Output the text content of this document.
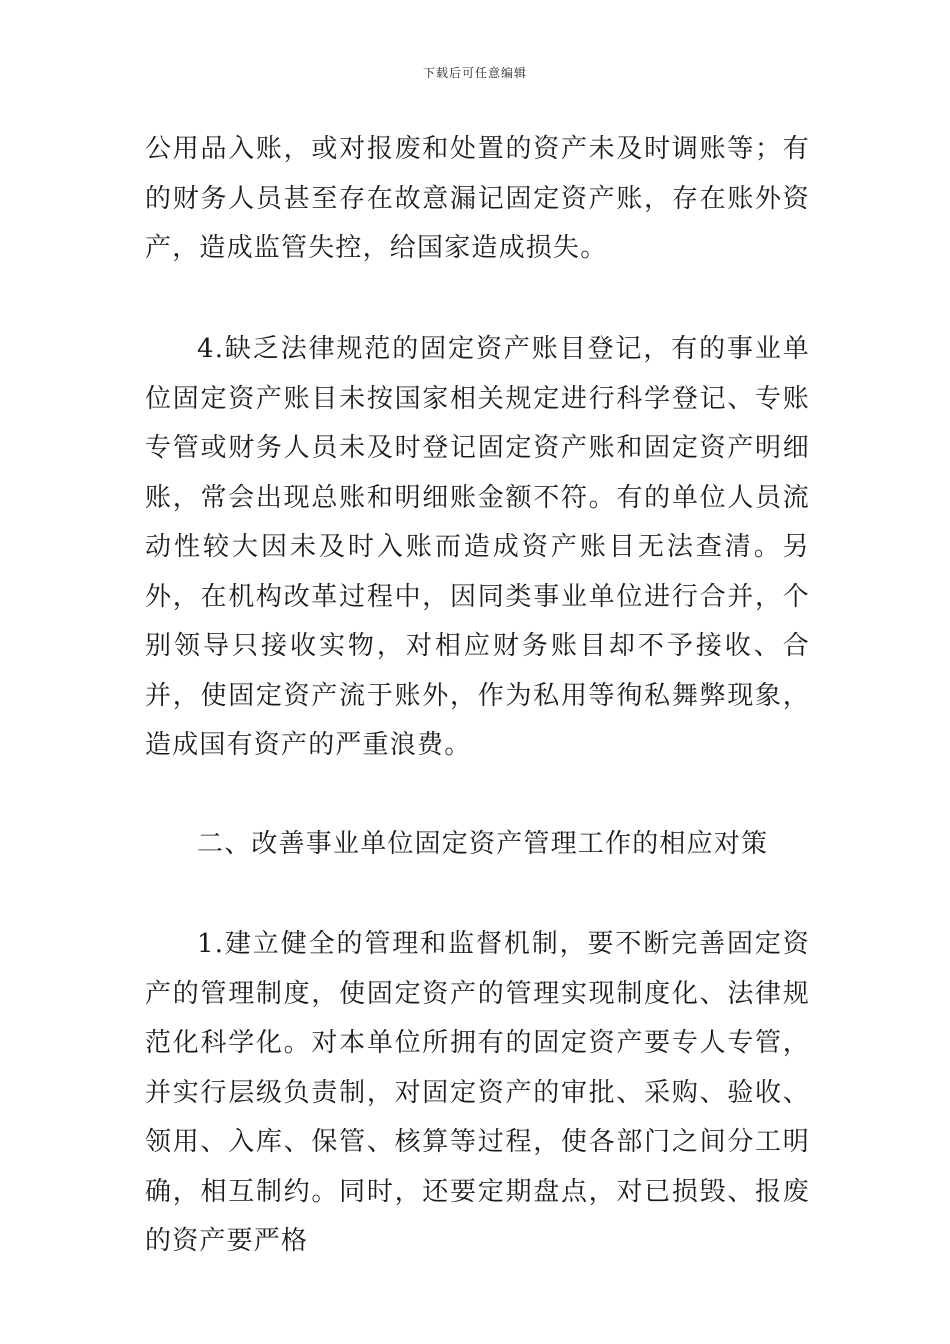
下载后可任意编辑

公用品入账，或对报废和处置的资产未及时调账等；有的财务人员甚至存在故意漏记固定资产账，存在账外资产，造成监管失控，给国家造成损失。

4.缺乏法律规范的固定资产账目登记，有的事业单位固定资产账目未按国家相关规定进行科学登记、专账专管或财务人员未及时登记固定资产账和固定资产明细账，常会出现总账和明细账金额不符。有的单位人员流动性较大因未及时入账而造成资产账目无法查清。另外，在机构改革过程中，因同类事业单位进行合并，个别领导只接收实物，对相应财务账目却不予接收、合并，使固定资产流于账外，作为私用等徇私舞弊现象，造成国有资产的严重浪费。

二、改善事业单位固定资产管理工作的相应对策

1.建立健全的管理和监督机制，要不断完善固定资产的管理制度，使固定资产的管理实现制度化、法律规范化科学化。对本单位所拥有的固定资产要专人专管，并实行层级负责制，对固定资产的审批、采购、验收、领用、入库、保管、核算等过程，使各部门之间分工明确，相互制约。同时，还要定期盘点，对已损毁、报废的资产要严格
